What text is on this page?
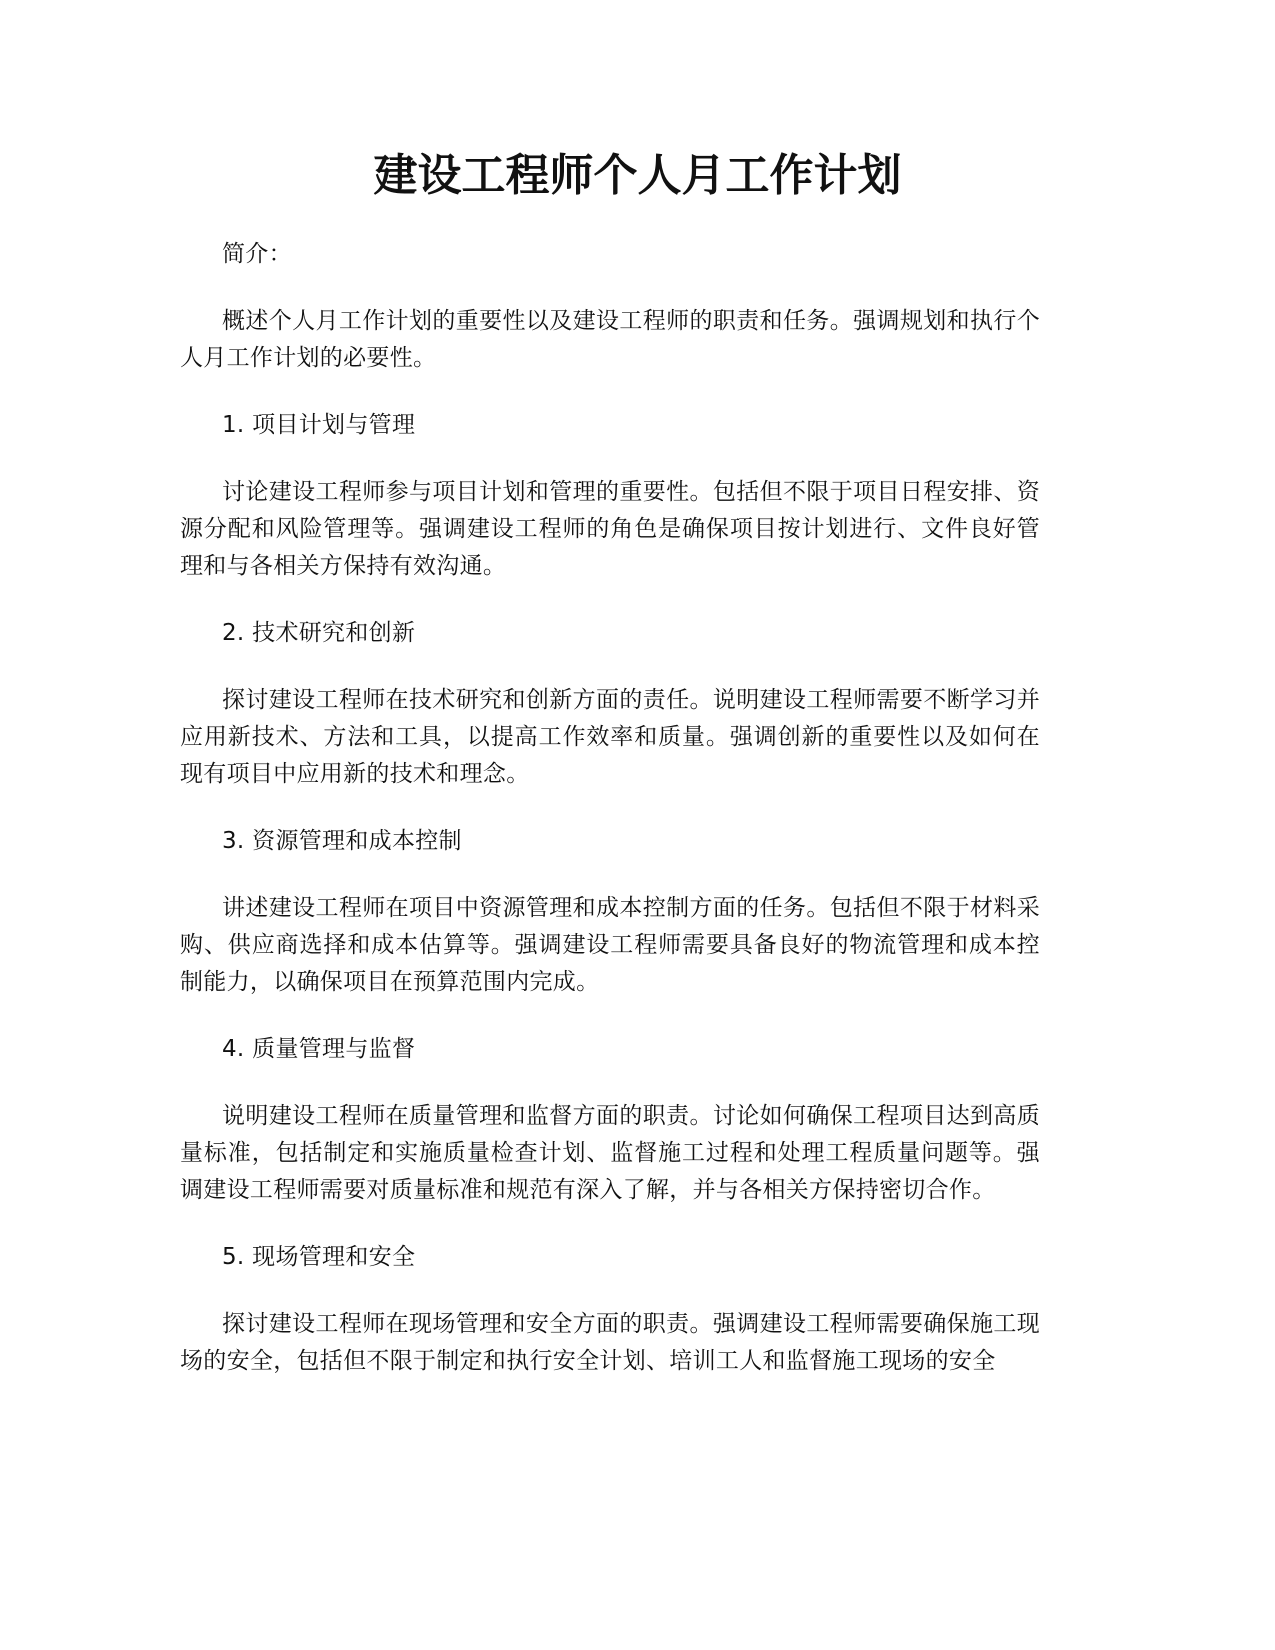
建设工程师个人月工作计划

简介：

概述个人月工作计划的重要性以及建设工程师的职责和任务。强调规划和执行个人月工作计划的必要性。

1. 项目计划与管理

讨论建设工程师参与项目计划和管理的重要性。包括但不限于项目日程安排、资源分配和风险管理等。强调建设工程师的角色是确保项目按计划进行、文件良好管理和与各相关方保持有效沟通。

2. 技术研究和创新

探讨建设工程师在技术研究和创新方面的责任。说明建设工程师需要不断学习并应用新技术、方法和工具，以提高工作效率和质量。强调创新的重要性以及如何在现有项目中应用新的技术和理念。

3. 资源管理和成本控制

讲述建设工程师在项目中资源管理和成本控制方面的任务。包括但不限于材料采购、供应商选择和成本估算等。强调建设工程师需要具备良好的物流管理和成本控制能力，以确保项目在预算范围内完成。

4. 质量管理与监督

说明建设工程师在质量管理和监督方面的职责。讨论如何确保工程项目达到高质量标准，包括制定和实施质量检查计划、监督施工过程和处理工程质量问题等。强调建设工程师需要对质量标准和规范有深入了解，并与各相关方保持密切合作。

5. 现场管理和安全

探讨建设工程师在现场管理和安全方面的职责。强调建设工程师需要确保施工现场的安全，包括但不限于制定和执行安全计划、培训工人和监督施工现场的安全
